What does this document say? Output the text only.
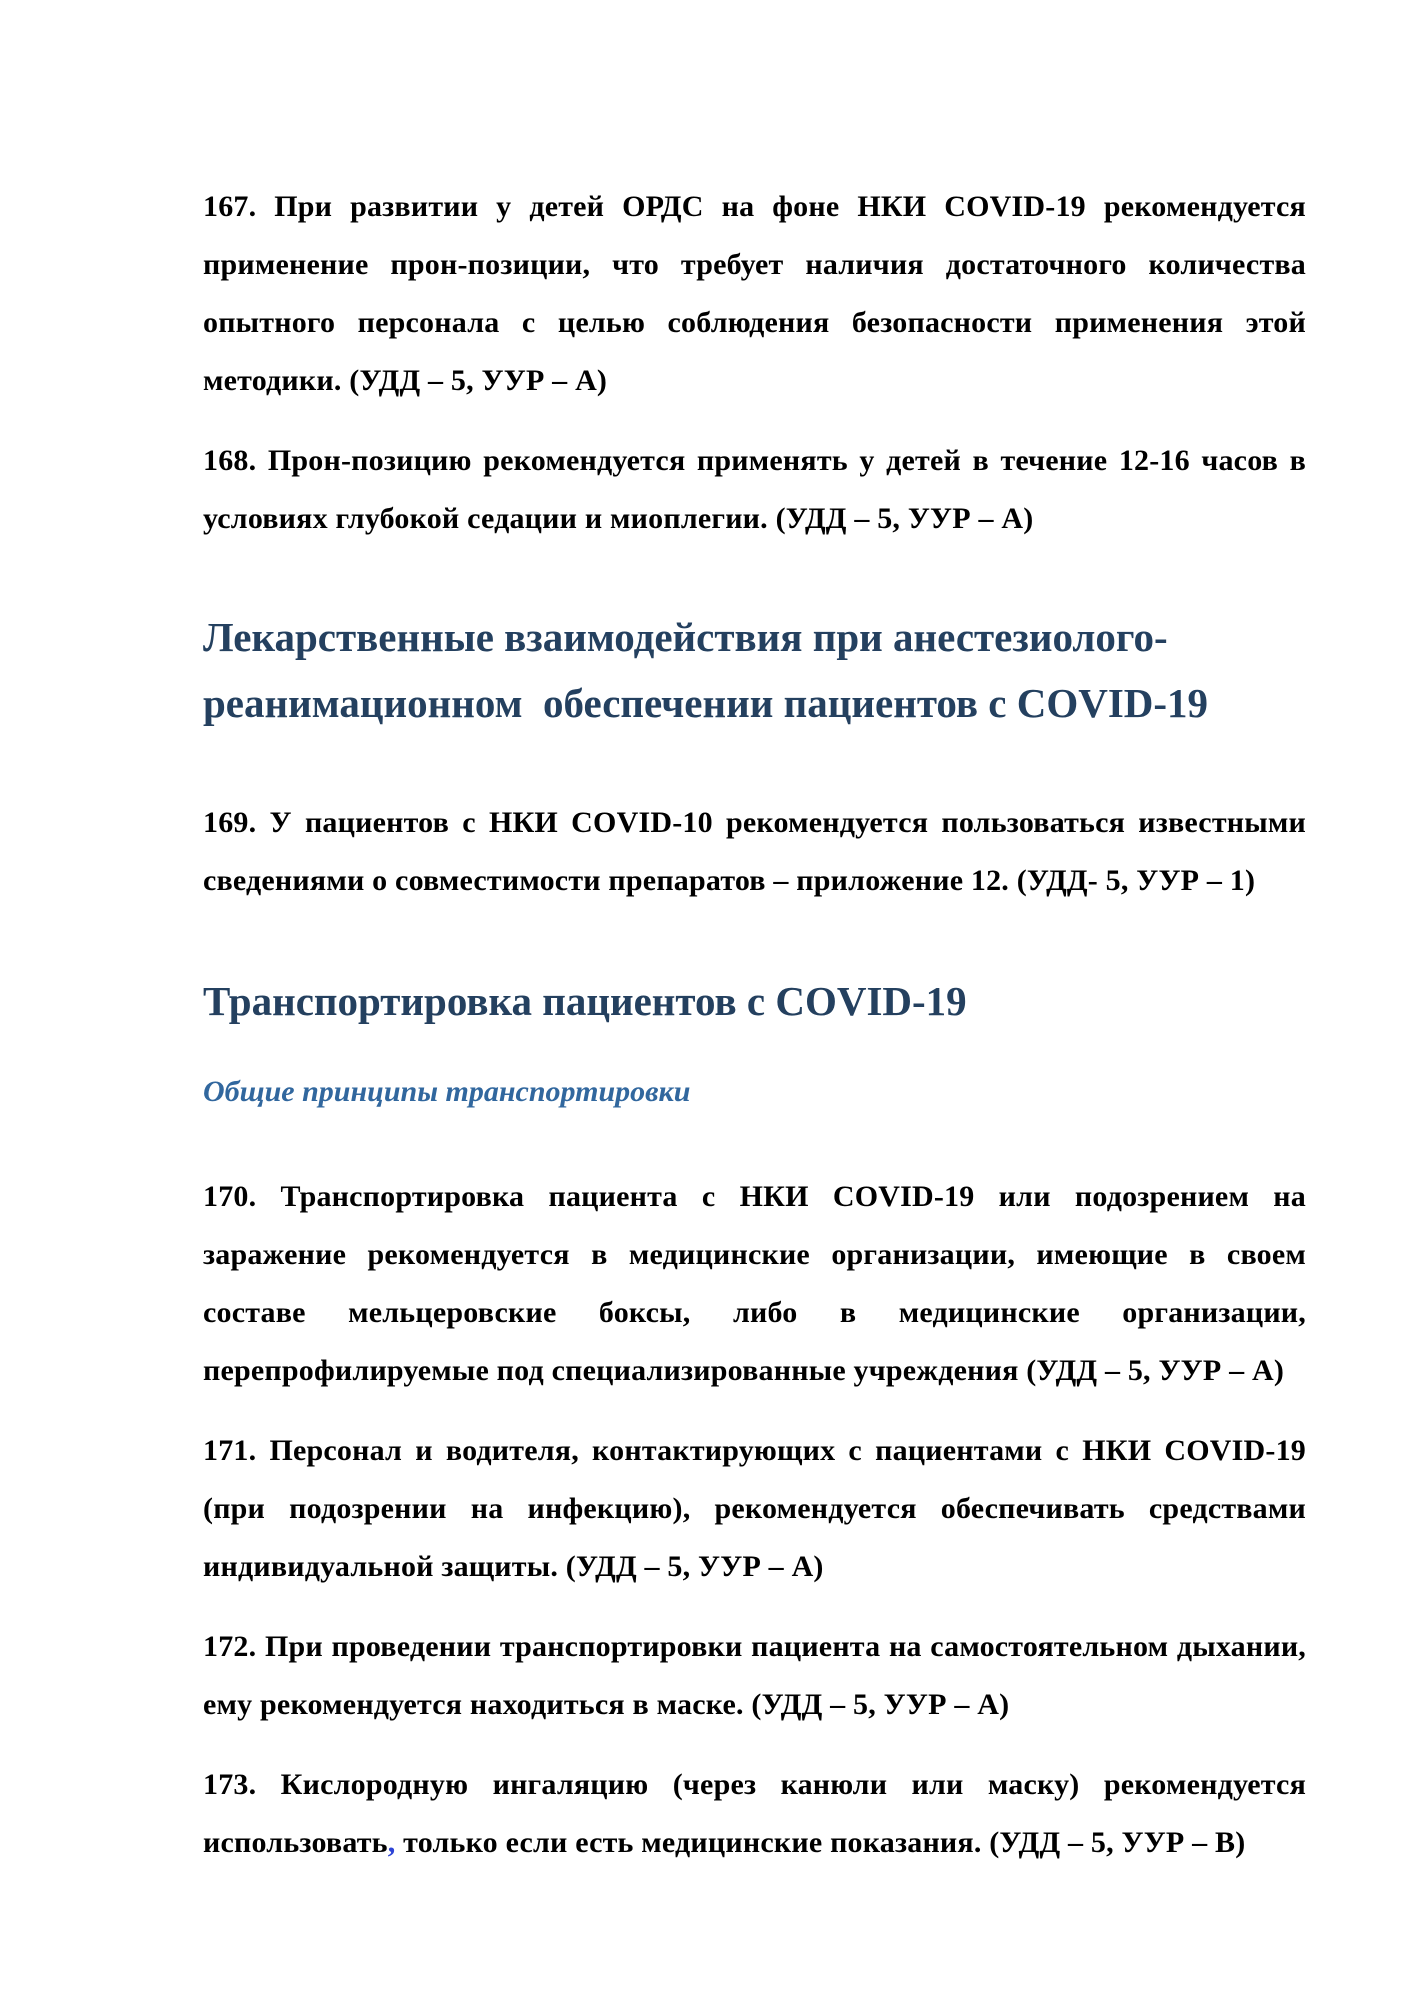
167. При развитии у детей ОРДС на фоне НКИ COVID-19 рекомендуется применение прон-позиции, что требует наличия достаточного количества опытного персонала с целью соблюдения безопасности применения этой методики. (УДД – 5, УУР – А)

168. Прон-позицию рекомендуется применять у детей в течение 12-16 часов в условиях глубокой седации и миоплегии. (УДД – 5, УУР – А)

Лекарственные взаимодействия при анестезиолого-
реанимационном  обеспечении пациентов с COVID-19

169. У пациентов с НКИ COVID-10 рекомендуется пользоваться известными сведениями о совместимости препаратов – приложение 12. (УДД- 5, УУР – 1)

Транспортировка пациентов с COVID-19
Общие принципы транспортировки

170. Транспортировка пациента с НКИ COVID-19 или подозрением на заражение рекомендуется в медицинские организации, имеющие в своем составе мельцеровские боксы, либо в медицинские организации, перепрофилируемые под специализированные учреждения (УДД – 5, УУР – А)

171. Персонал и водителя, контактирующих с пациентами с НКИ COVID-19 (при подозрении на инфекцию), рекомендуется обеспечивать средствами индивидуальной защиты. (УДД – 5, УУР – А)

172. При проведении транспортировки пациента на самостоятельном дыхании, ему рекомендуется находиться в маске. (УДД – 5, УУР – А)

173. Кислородную ингаляцию (через канюли или маску) рекомендуется использовать, только если есть медицинские показания. (УДД – 5, УУР – В)
